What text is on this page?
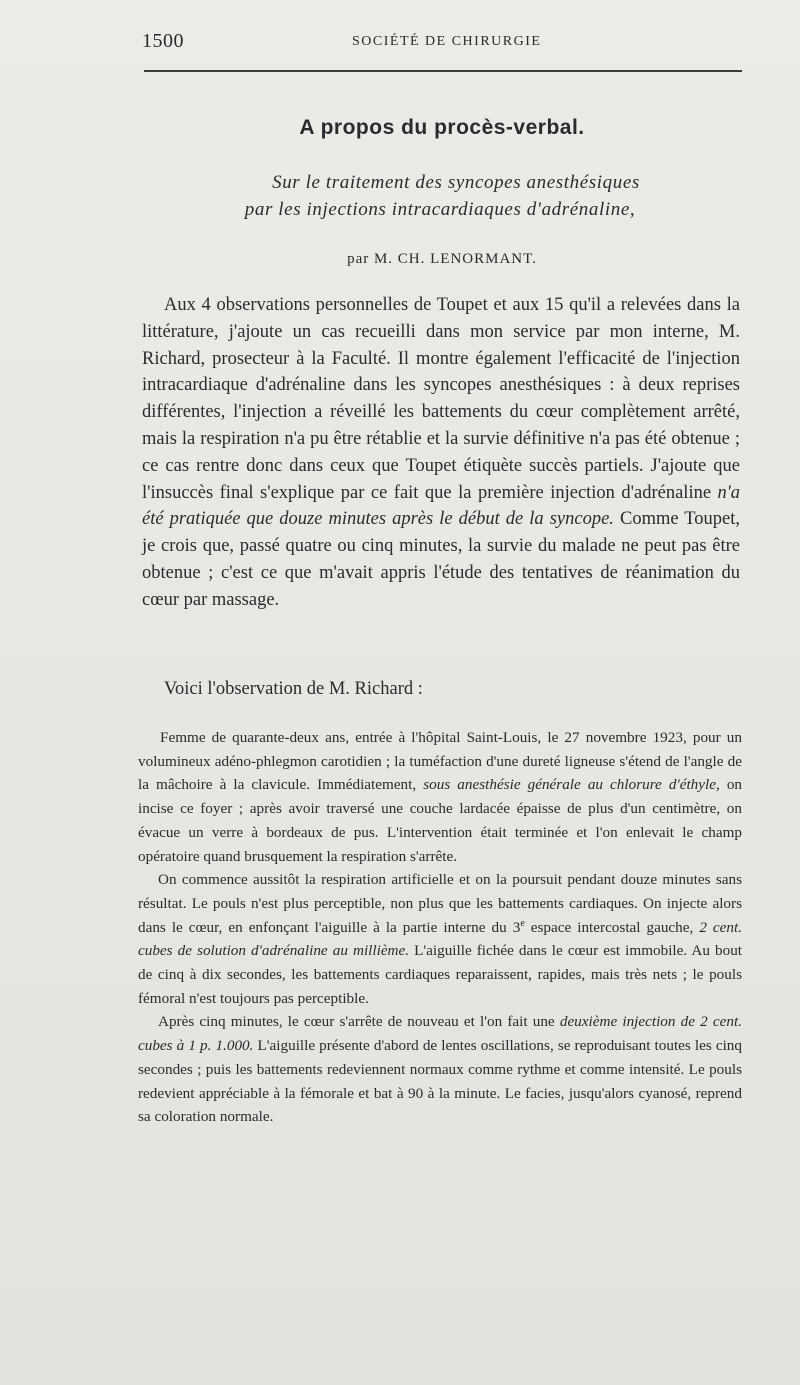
1500	SOCIÉTÉ DE CHIRURGIE
A propos du procès-verbal.
Sur le traitement des syncopes anesthésiques
par les injections intracardiaques d'adrénaline,
par M. CH. LENORMANT.

Aux 4 observations personnelles de Toupet et aux 15 qu'il a relevées dans la littérature, j'ajoute un cas recueilli dans mon service par mon interne, M. Richard, prosecteur à la Faculté. Il montre également l'efficacité de l'injection intracardiaque d'adrénaline dans les syncopes anesthésiques : à deux reprises différentes, l'injection a réveillé les battements du cœur complètement arrêté, mais la respiration n'a pu être rétablie et la survie définitive n'a pas été obtenue ; ce cas rentre donc dans ceux que Toupet étiquète succès partiels. J'ajoute que l'insuccès final s'explique par ce fait que la première injection d'adrénaline n'a été pratiquée que douze minutes après le début de la syncope. Comme Toupet, je crois que, passé quatre ou cinq minutes, la survie du malade ne peut pas être obtenue ; c'est ce que m'avait appris l'étude des tentatives de réanimation du cœur par massage.

Voici l'observation de M. Richard :

Femme de quarante-deux ans, entrée à l'hôpital Saint-Louis, le 27 novembre 1923, pour un volumineux adéno-phlegmon carotidien ; la tuméfaction d'une dureté ligneuse s'étend de l'angle de la mâchoire à la clavicule. Immédiatement, sous anesthésie générale au chlorure d'éthyle, on incise ce foyer ; après avoir traversé une couche lardacée épaisse de plus d'un centimètre, on évacue un verre à bordeaux de pus. L'intervention était terminée et l'on enlevait le champ opératoire quand brusquement la respiration s'arrête.

On commence aussitôt la respiration artificielle et on la poursuit pendant douze minutes sans résultat. Le pouls n'est plus perceptible, non plus que les battements cardiaques. On injecte alors dans le cœur, en enfonçant l'aiguille à la partie interne du 3e espace intercostal gauche, 2 cent. cubes de solution d'adrénaline au millième. L'aiguille fichée dans le cœur est immobile. Au bout de cinq à dix secondes, les battements cardiaques reparaissent, rapides, mais très nets ; le pouls fémoral n'est toujours pas perceptible.

Après cinq minutes, le cœur s'arrête de nouveau et l'on fait une deuxième injection de 2 cent. cubes à 1 p. 1.000. L'aiguille présente d'abord de lentes oscillations, se reproduisant toutes les cinq secondes ; puis les battements redeviennent normaux comme rythme et comme intensité. Le pouls redevient appréciable à la fémorale et bat à 90 à la minute. Le facies, jusqu'alors cyanosé, reprend sa coloration normale.
